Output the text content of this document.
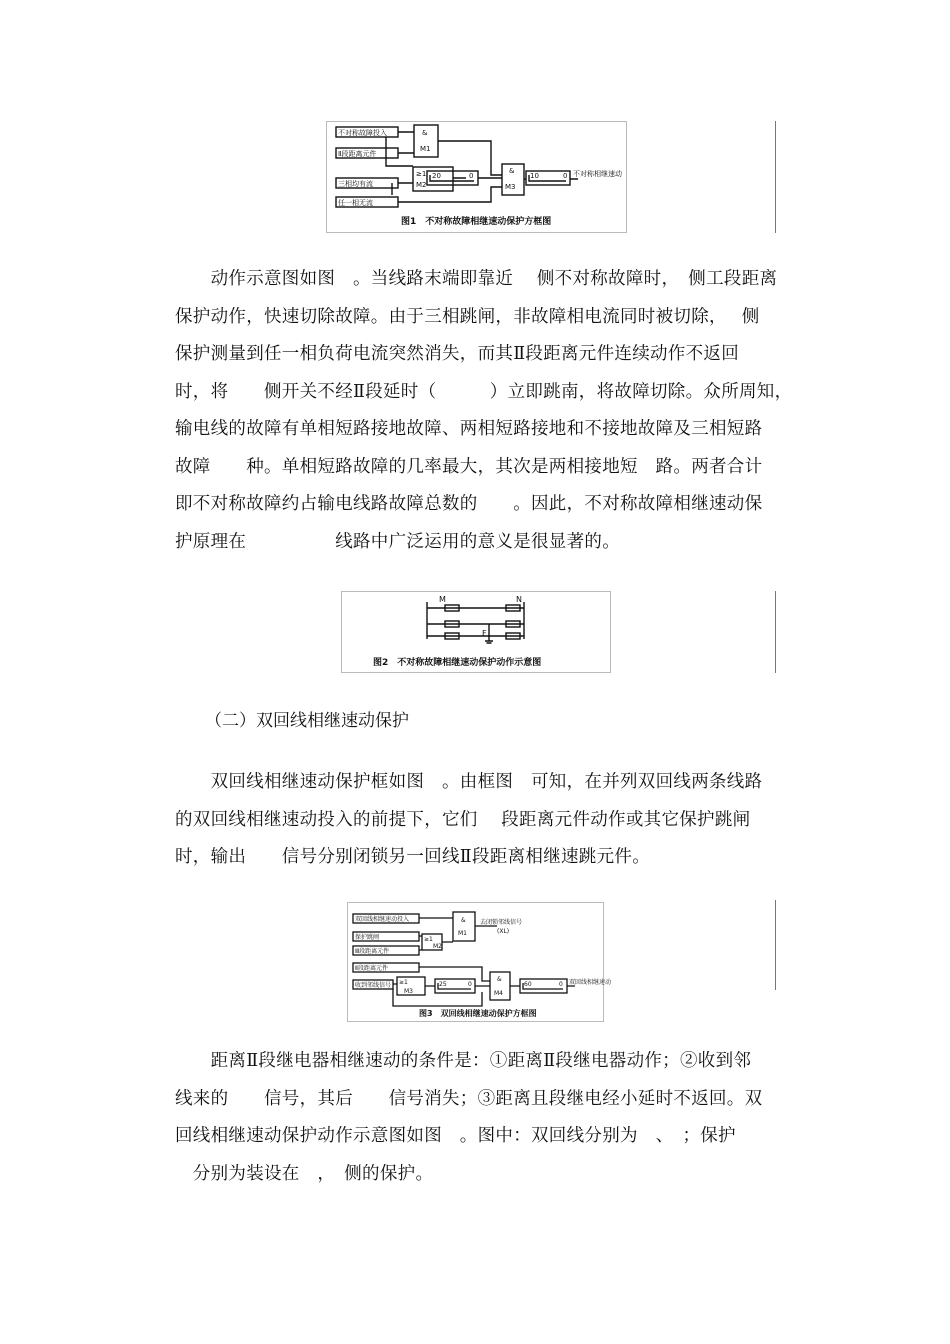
不对称故障投入
Ⅱ段距离元件
三相均有流
任一相无流
&
M1
≥1
M2
20	0
&
M3
10	0 不对称相继速动
图1　不对称故障相继速动保护方框图

　　动作示意图如图　。当线路末端即靠近　 侧不对称故障时，　侧工段距离

保护动作，快速切除故障。由于三相跳闸，非故障相电流同时被切除，　 侧

保护测量到任一相负荷电流突然消失，而其Ⅱ段距离元件连续动作不返回

时，将　　侧开关不经Ⅱ段延时（　　　）立即跳南，将故障切除。众所周知，

输电线的故障有单相短路接地故障、两相短路接地和不接地故障及三相短路

故障　　种。单相短路故障的几率最大，其次是两相接地短　路。两者合计

即不对称故障约占输电线路故障总数的　　。因此，不对称故障相继速动保

护原理在　　　　　线路中广泛运用的意义是很显著的。

M	N
F
图2　不对称故障相继速动保护动作示意图
（二）双回线相继速动保护

　　双回线相继速动保护框如图　。由框图　可知，在并列双回线两条线路

的双回线相继速动投入的前提下，它们　 段距离元件动作或其它保护跳闸

时，输出　　信号分别闭锁另一回线Ⅱ段距离相继速跳元件。

双回线相继速动投入
保护跳闸
Ⅲ段距离元件
Ⅱ段距离元件
收到邻线信号
&
M1
≥1
M2
≥1
M3
25	0
&
M4
60	0
去闭锁邻线信号
(XL)
双回线相继速动
图3　双回线相继速动保护方框图

　　距离Ⅱ段继电器相继速动的条件是：①距离Ⅱ段继电器动作；②收到邻

线来的　　信号，其后　　信号消失；③距离且段继电经小延时不返回。双

回线相继速动保护动作示意图如图　。图中：双回线分别为　、　；保护

　分别为装设在　，　侧的保护。
